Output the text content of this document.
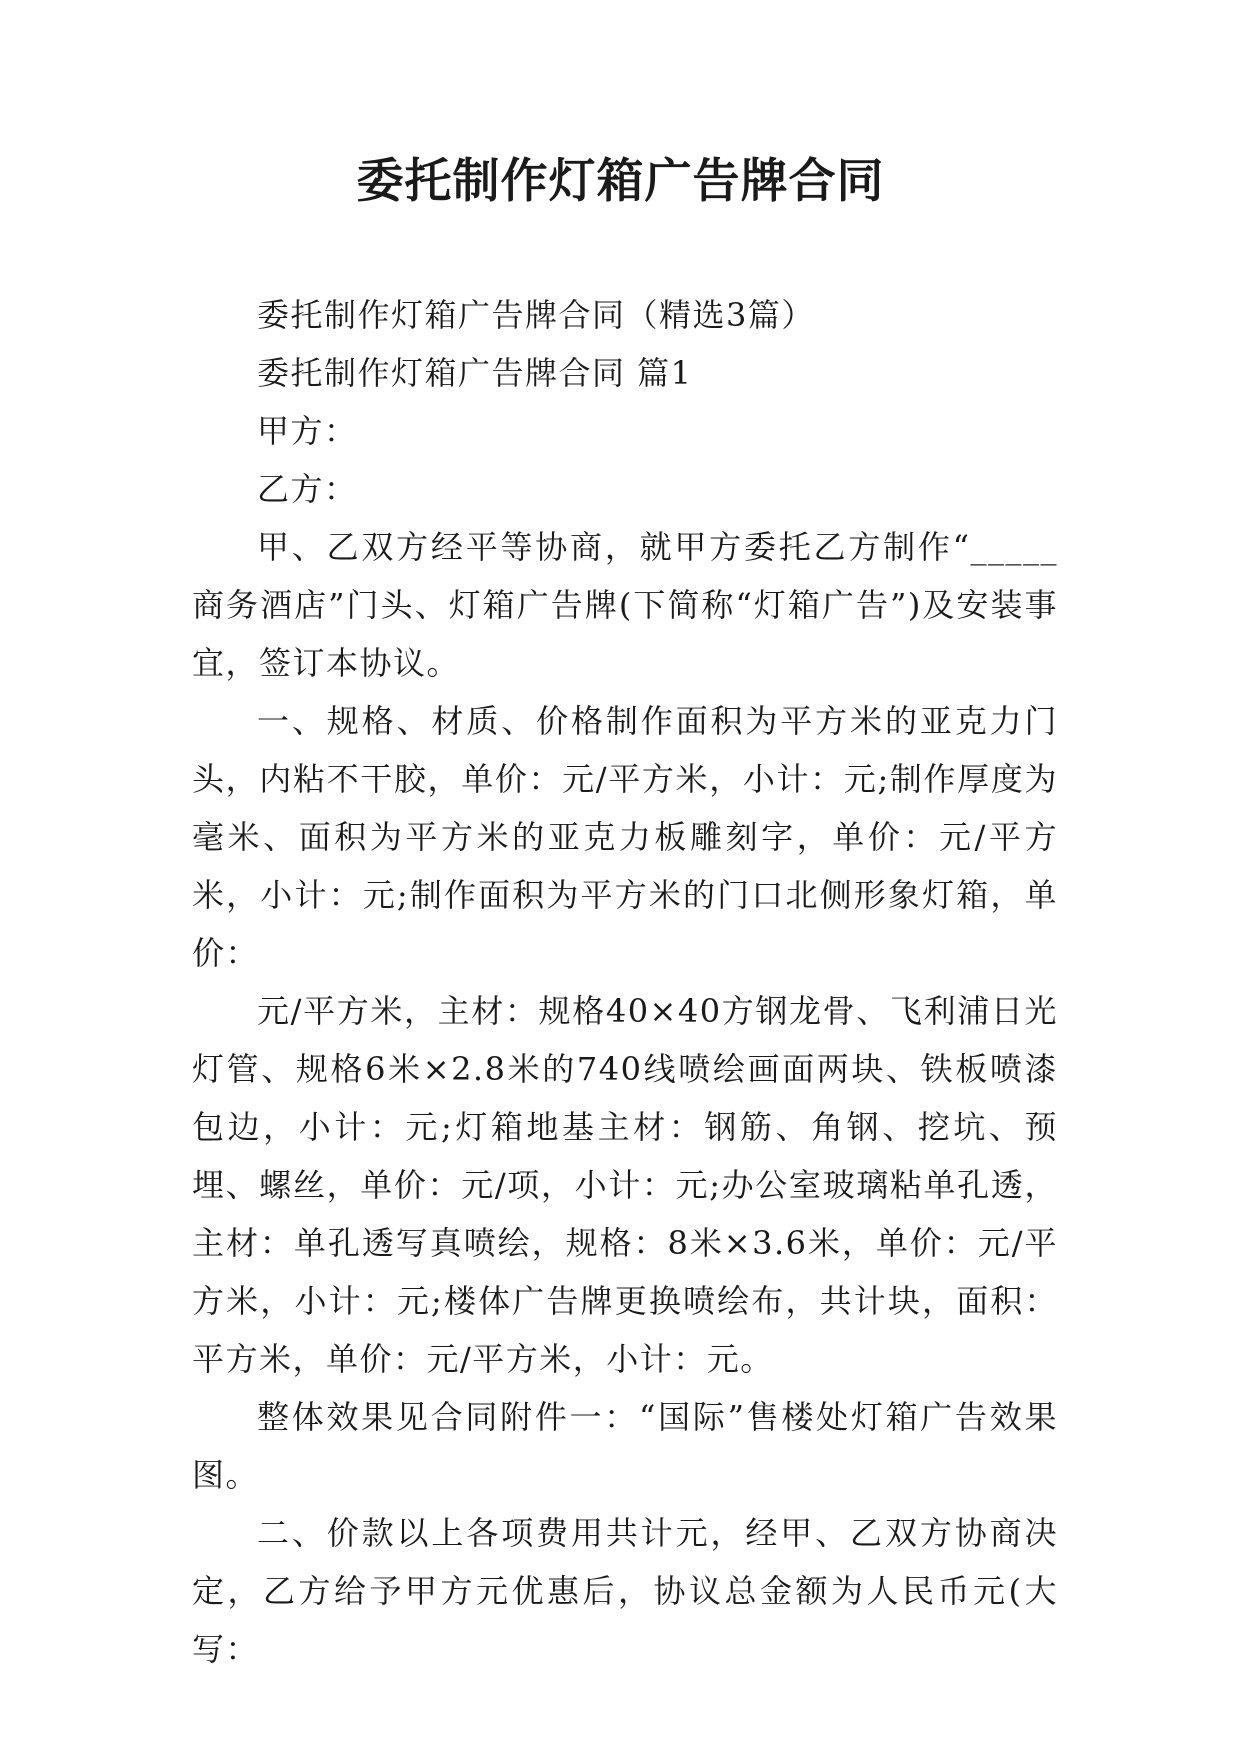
委托制作灯箱广告牌合同

委托制作灯箱广告牌合同（精选3篇）

委托制作灯箱广告牌合同 篇1

甲方：

乙方：

甲、乙双方经平等协商，就甲方委托乙方制作“_____商务酒店”门头、灯箱广告牌(下简称“灯箱广告”)及安装事宜，签订本协议。

一、规格、材质、价格制作面积为平方米的亚克力门头，内粘不干胶，单价：元/平方米，小计：元;制作厚度为毫米、面积为平方米的亚克力板雕刻字，单价：元/平方米，小计：元;制作面积为平方米的门口北侧形象灯箱，单价：

元/平方米，主材：规格40×40方钢龙骨、飞利浦日光灯管、规格6米×2.8米的740线喷绘画面两块、铁板喷漆包边，小计：元;灯箱地基主材：钢筋、角钢、挖坑、预埋、螺丝，单价：元/项，小计：元;办公室玻璃粘单孔透，主材：单孔透写真喷绘，规格：8米×3.6米，单价：元/平方米，小计：元;楼体广告牌更换喷绘布，共计块，面积：平方米，单价：元/平方米，小计：元。

整体效果见合同附件一：“国际”售楼处灯箱广告效果图。

二、价款以上各项费用共计元，经甲、乙双方协商决定，乙方给予甲方元优惠后，协议总金额为人民币元(大写：
